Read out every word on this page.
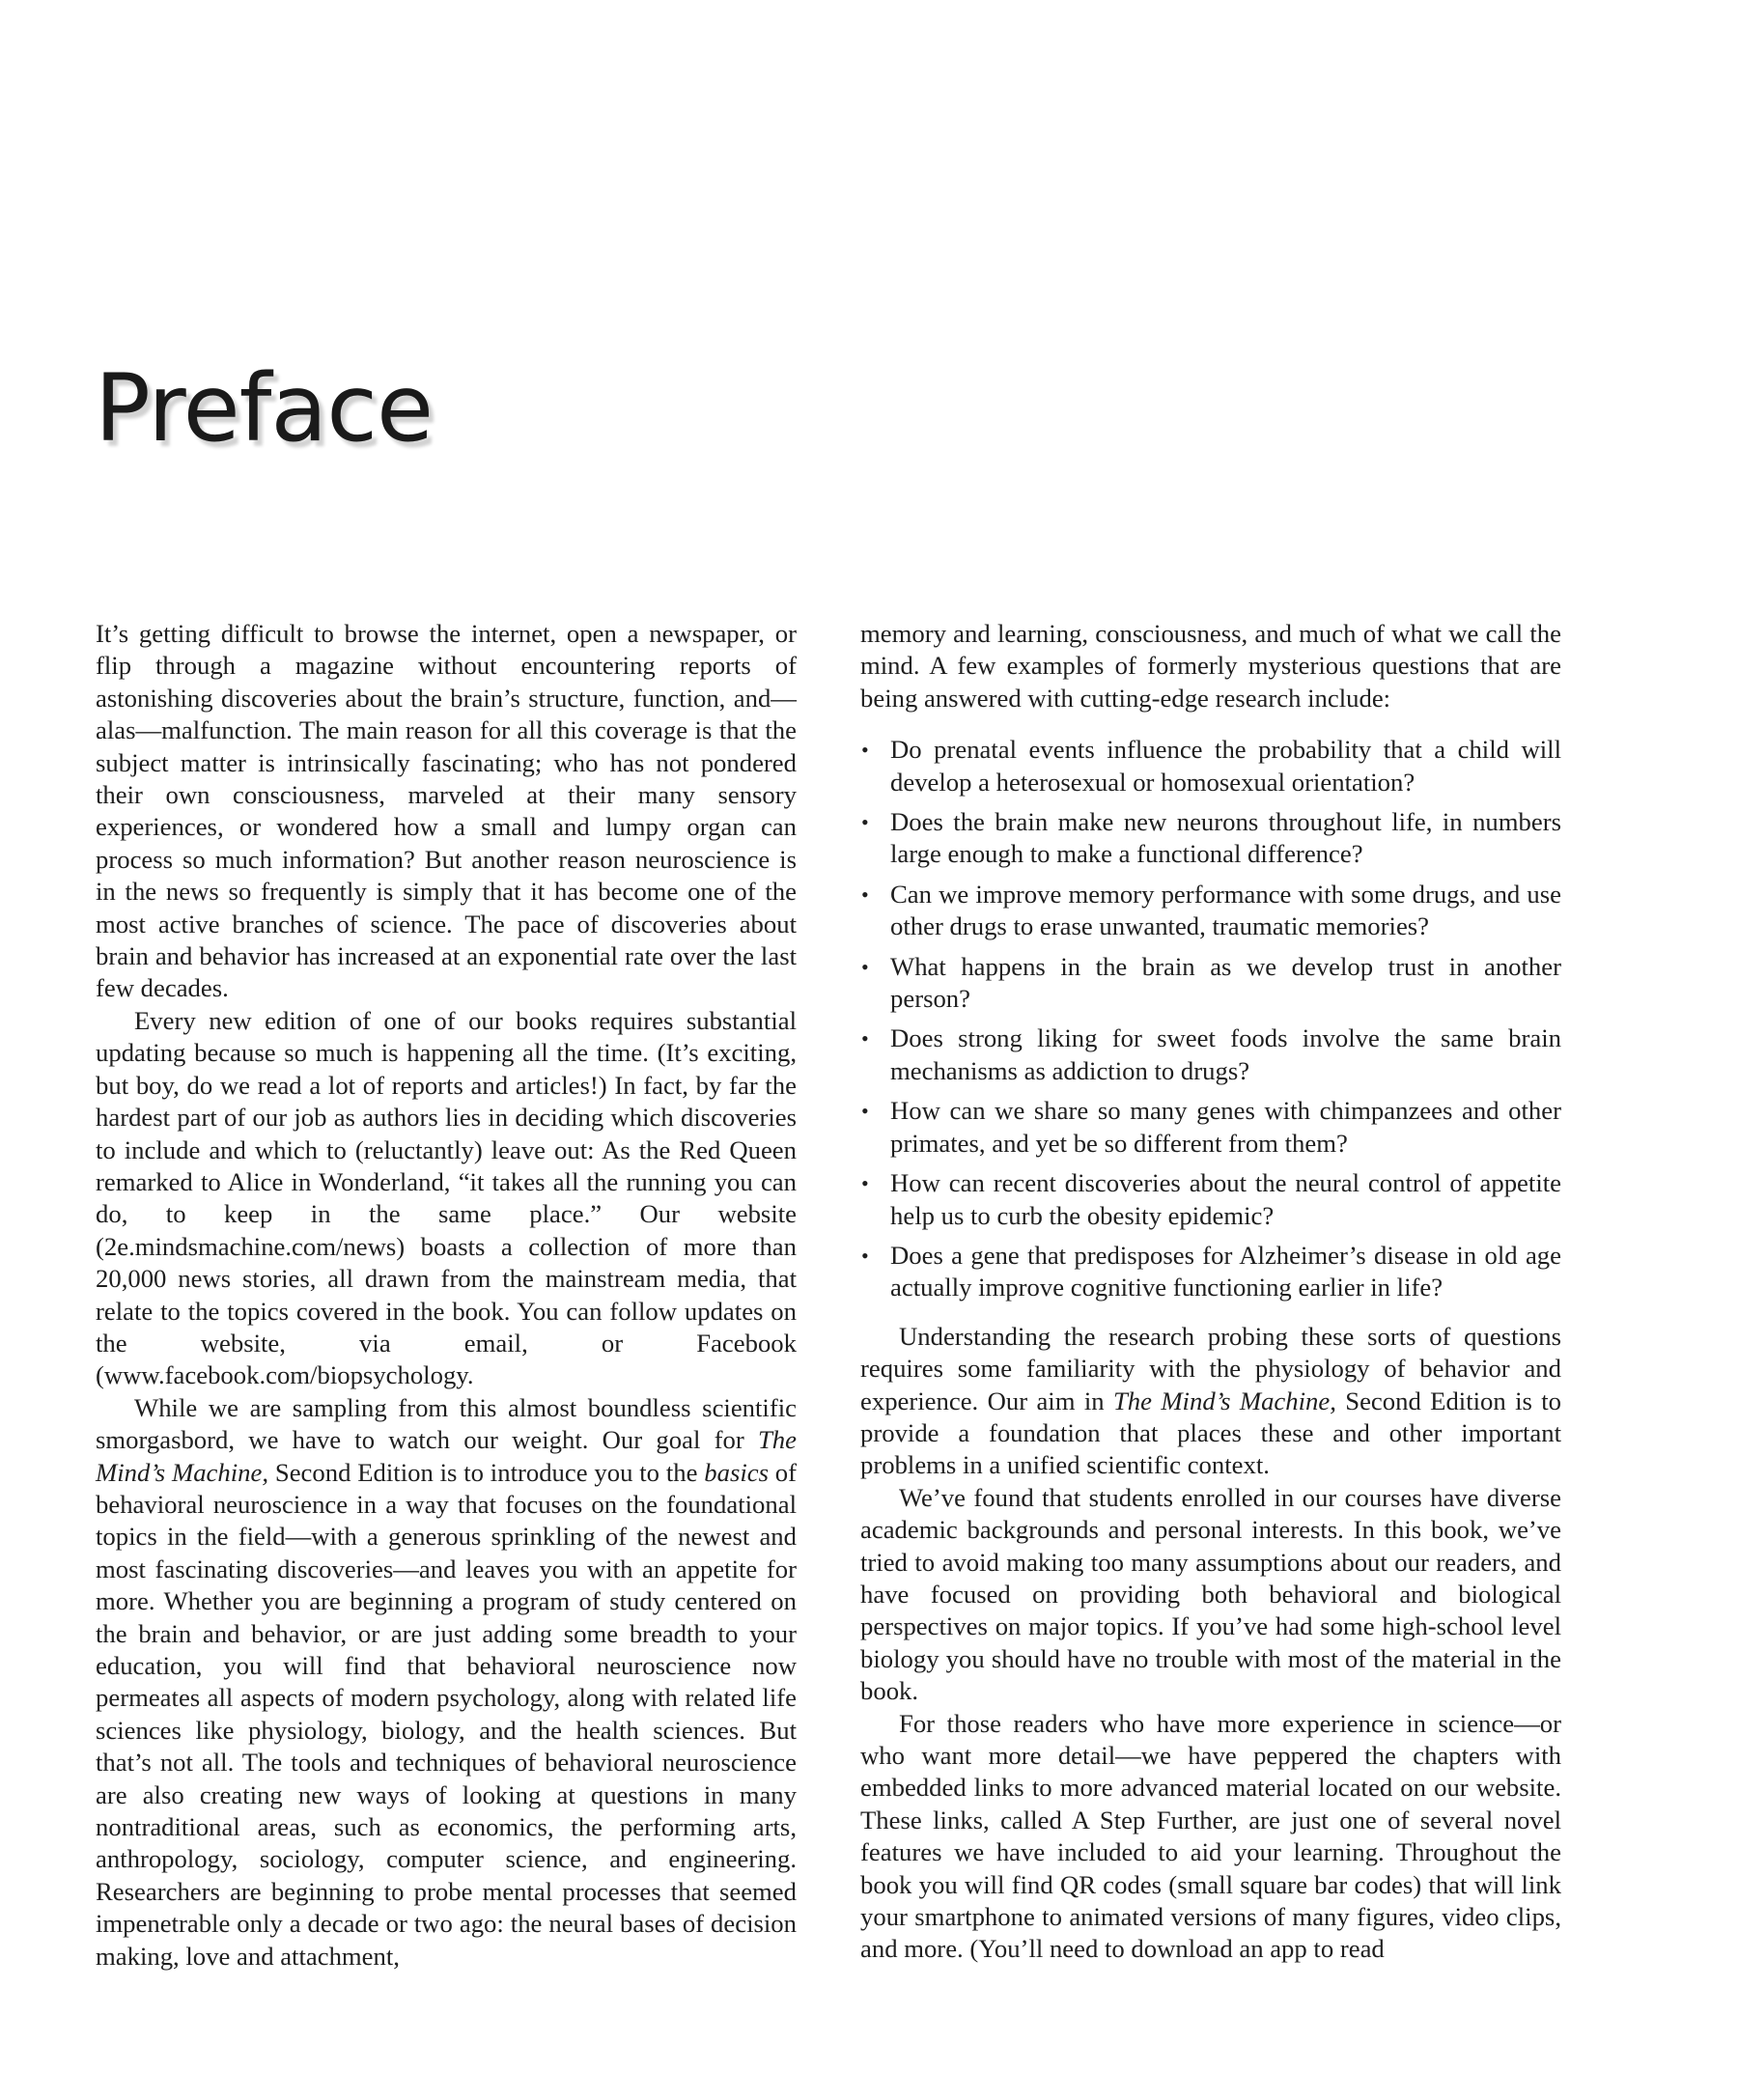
Preface

It’s getting difficult to browse the internet, open a newspaper, or flip through a magazine without encountering reports of astonishing discoveries about the brain’s structure, function, and—alas—malfunction. The main reason for all this coverage is that the subject matter is intrinsically fascinating; who has not pondered their own consciousness, marveled at their many sensory experiences, or wondered how a small and lumpy organ can process so much information? But another reason neuroscience is in the news so frequently is simply that it has become one of the most active branches of science. The pace of discoveries about brain and behavior has increased at an exponential rate over the last few decades.

Every new edition of one of our books requires substantial updating because so much is happening all the time. (It’s exciting, but boy, do we read a lot of reports and articles!) In fact, by far the hardest part of our job as authors lies in deciding which discoveries to include and which to (reluctantly) leave out: As the Red Queen remarked to Alice in Wonderland, “it takes all the running you can do, to keep in the same place.” Our website (2e.mindsmachine.com/news) boasts a collection of more than 20,000 news stories, all drawn from the mainstream media, that relate to the topics covered in the book. You can follow updates on the website, via email, or Facebook (www.facebook.com/biopsychology.

While we are sampling from this almost boundless scientific smorgasbord, we have to watch our weight. Our goal for The Mind’s Machine, Second Edition is to introduce you to the basics of behavioral neuroscience in a way that focuses on the foundational topics in the field—with a generous sprinkling of the newest and most fascinating discoveries—and leaves you with an appetite for more. Whether you are beginning a program of study centered on the brain and behavior, or are just adding some breadth to your education, you will find that behavioral neuroscience now permeates all aspects of modern psychology, along with related life sciences like physiology, biology, and the health sciences. But that’s not all. The tools and techniques of behavioral neuroscience are also creating new ways of looking at questions in many nontraditional areas, such as economics, the performing arts, anthropology, sociology, computer science, and engineering. Researchers are beginning to probe mental processes that seemed impenetrable only a decade or two ago: the neural bases of decision making, love and attachment,

memory and learning, consciousness, and much of what we call the mind. A few examples of formerly mysterious questions that are being answered with cutting-edge research include:

• Do prenatal events influence the probability that a child will develop a heterosexual or homosexual orientation?
• Does the brain make new neurons throughout life, in numbers large enough to make a functional difference?
• Can we improve memory performance with some drugs, and use other drugs to erase unwanted, traumatic memories?
• What happens in the brain as we develop trust in another person?
• Does strong liking for sweet foods involve the same brain mechanisms as addiction to drugs?
• How can we share so many genes with chimpanzees and other primates, and yet be so different from them?
• How can recent discoveries about the neural control of appetite help us to curb the obesity epidemic?
• Does a gene that predisposes for Alzheimer’s disease in old age actually improve cognitive functioning earlier in life?

Understanding the research probing these sorts of questions requires some familiarity with the physiology of behavior and experience. Our aim in The Mind’s Machine, Second Edition is to provide a foundation that places these and other important problems in a unified scientific context.

We’ve found that students enrolled in our courses have diverse academic backgrounds and personal interests. In this book, we’ve tried to avoid making too many assumptions about our readers, and have focused on providing both behavioral and biological perspectives on major topics. If you’ve had some high-school level biology you should have no trouble with most of the material in the book.

For those readers who have more experience in science—or who want more detail—we have peppered the chapters with embedded links to more advanced material located on our website. These links, called A Step Further, are just one of several novel features we have included to aid your learning. Throughout the book you will find QR codes (small square bar codes) that will link your smartphone to animated versions of many figures, video clips, and more. (You’ll need to download an app to read
